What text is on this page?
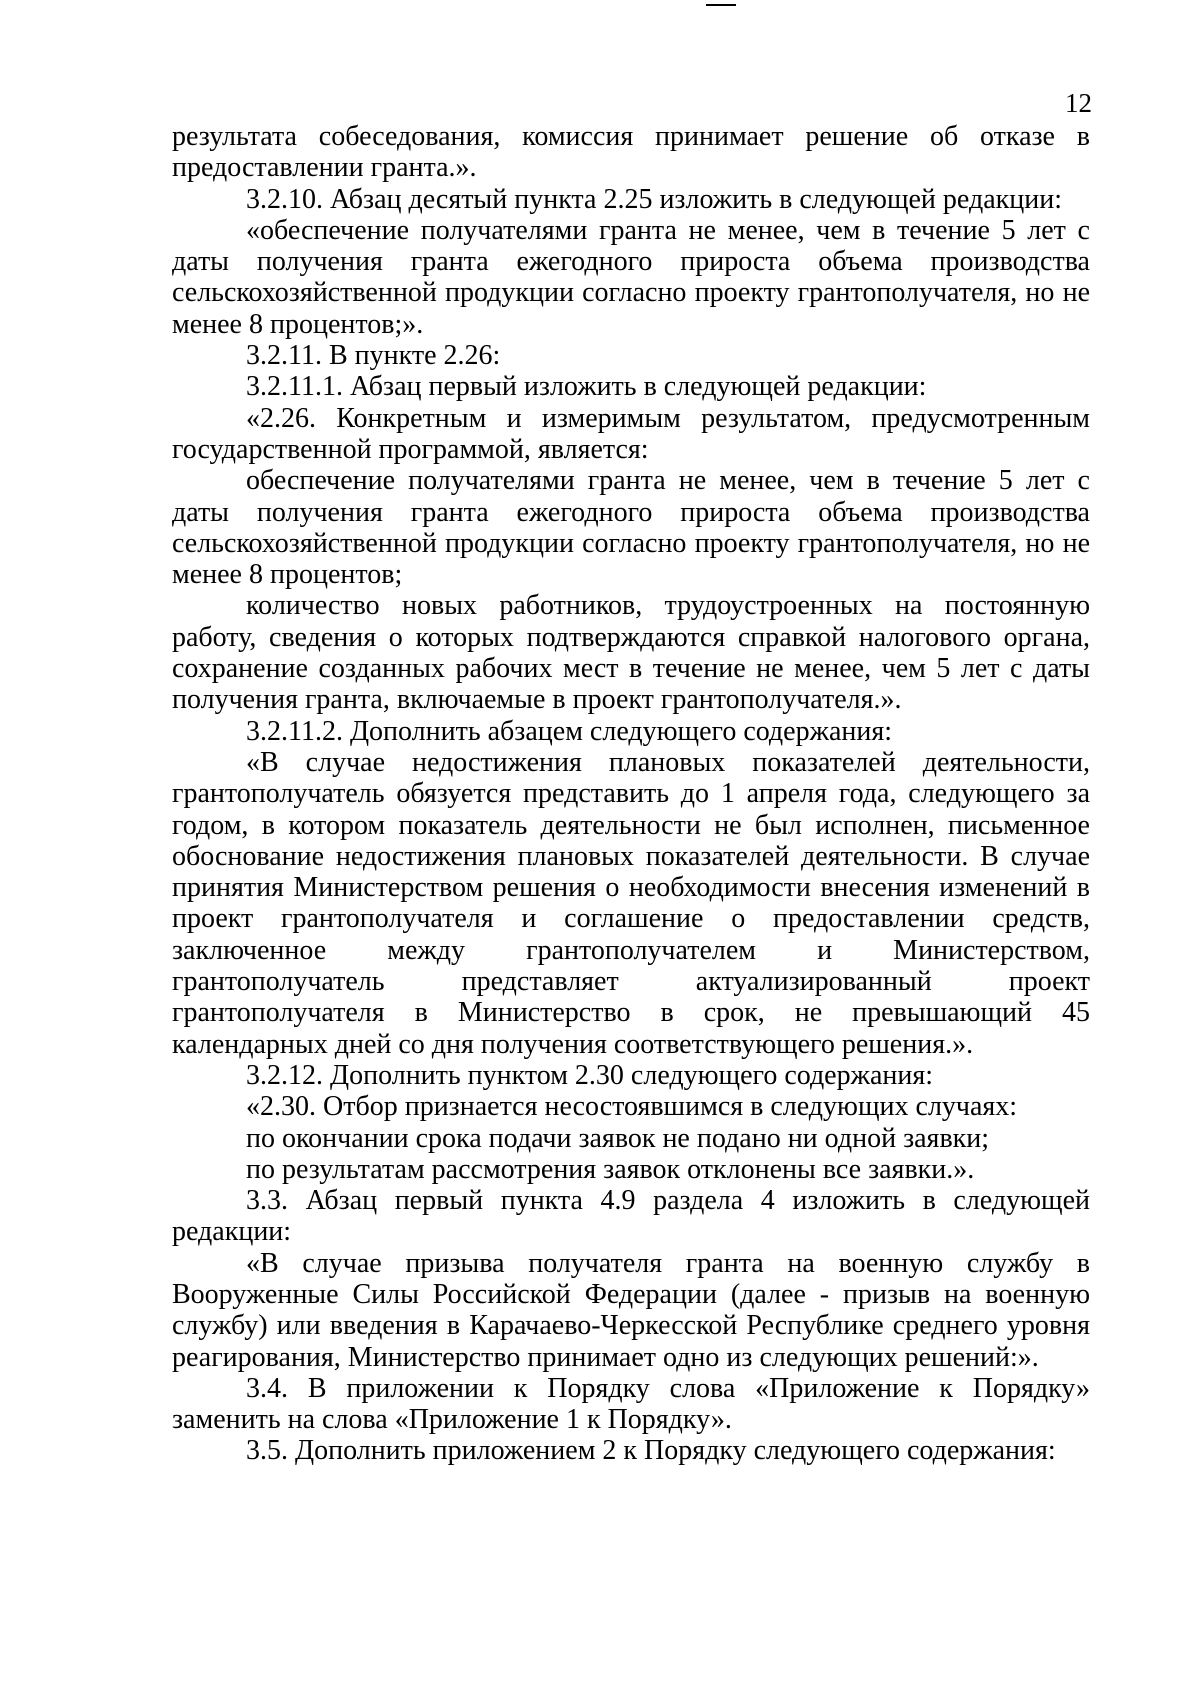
12

результата собеседования, комиссия принимает решение об отказе в предоставлении гранта.».

3.2.10. Абзац десятый пункта 2.25 изложить в следующей редакции:

«обеспечение получателями гранта не менее, чем в течение 5 лет с даты получения гранта ежегодного прироста объема производства сельскохозяйственной продукции согласно проекту грантополучателя, но не менее 8 процентов;».

3.2.11. В пункте 2.26:

3.2.11.1. Абзац первый изложить в следующей редакции:

«2.26. Конкретным и измеримым результатом, предусмотренным государственной программой, является:

обеспечение получателями гранта не менее, чем в течение 5 лет с даты получения гранта ежегодного прироста объема производства сельскохозяйственной продукции согласно проекту грантополучателя, но не менее 8 процентов;

количество новых работников, трудоустроенных на постоянную работу, сведения о которых подтверждаются справкой налогового органа, сохранение созданных рабочих мест в течение не менее, чем 5 лет с даты получения гранта, включаемые в проект грантополучателя.».

3.2.11.2. Дополнить абзацем следующего содержания:

«В случае недостижения плановых показателей деятельности, грантополучатель обязуется представить до 1 апреля года, следующего за годом, в котором показатель деятельности не был исполнен, письменное обоснование недостижения плановых показателей деятельности. В случае принятия Министерством решения о необходимости внесения изменений в проект грантополучателя и соглашение о предоставлении средств, заключенное между грантополучателем и Министерством, грантополучатель представляет актуализированный проект грантополучателя в Министерство в срок, не превышающий 45 календарных дней со дня получения соответствующего решения.».

3.2.12. Дополнить пунктом 2.30 следующего содержания:

«2.30. Отбор признается несостоявшимся в следующих случаях:

по окончании срока подачи заявок не подано ни одной заявки;

по результатам рассмотрения заявок отклонены все заявки.».

3.3. Абзац первый пункта 4.9 раздела 4 изложить в следующей редакции:

«В случае призыва получателя гранта на военную службу в Вооруженные Силы Российской Федерации (далее - призыв на военную службу) или введения в Карачаево-Черкесской Республике среднего уровня реагирования, Министерство принимает одно из следующих решений:».

3.4. В приложении к Порядку слова «Приложение к Порядку» заменить на слова «Приложение 1 к Порядку».

3.5. Дополнить приложением 2 к Порядку следующего содержания:
